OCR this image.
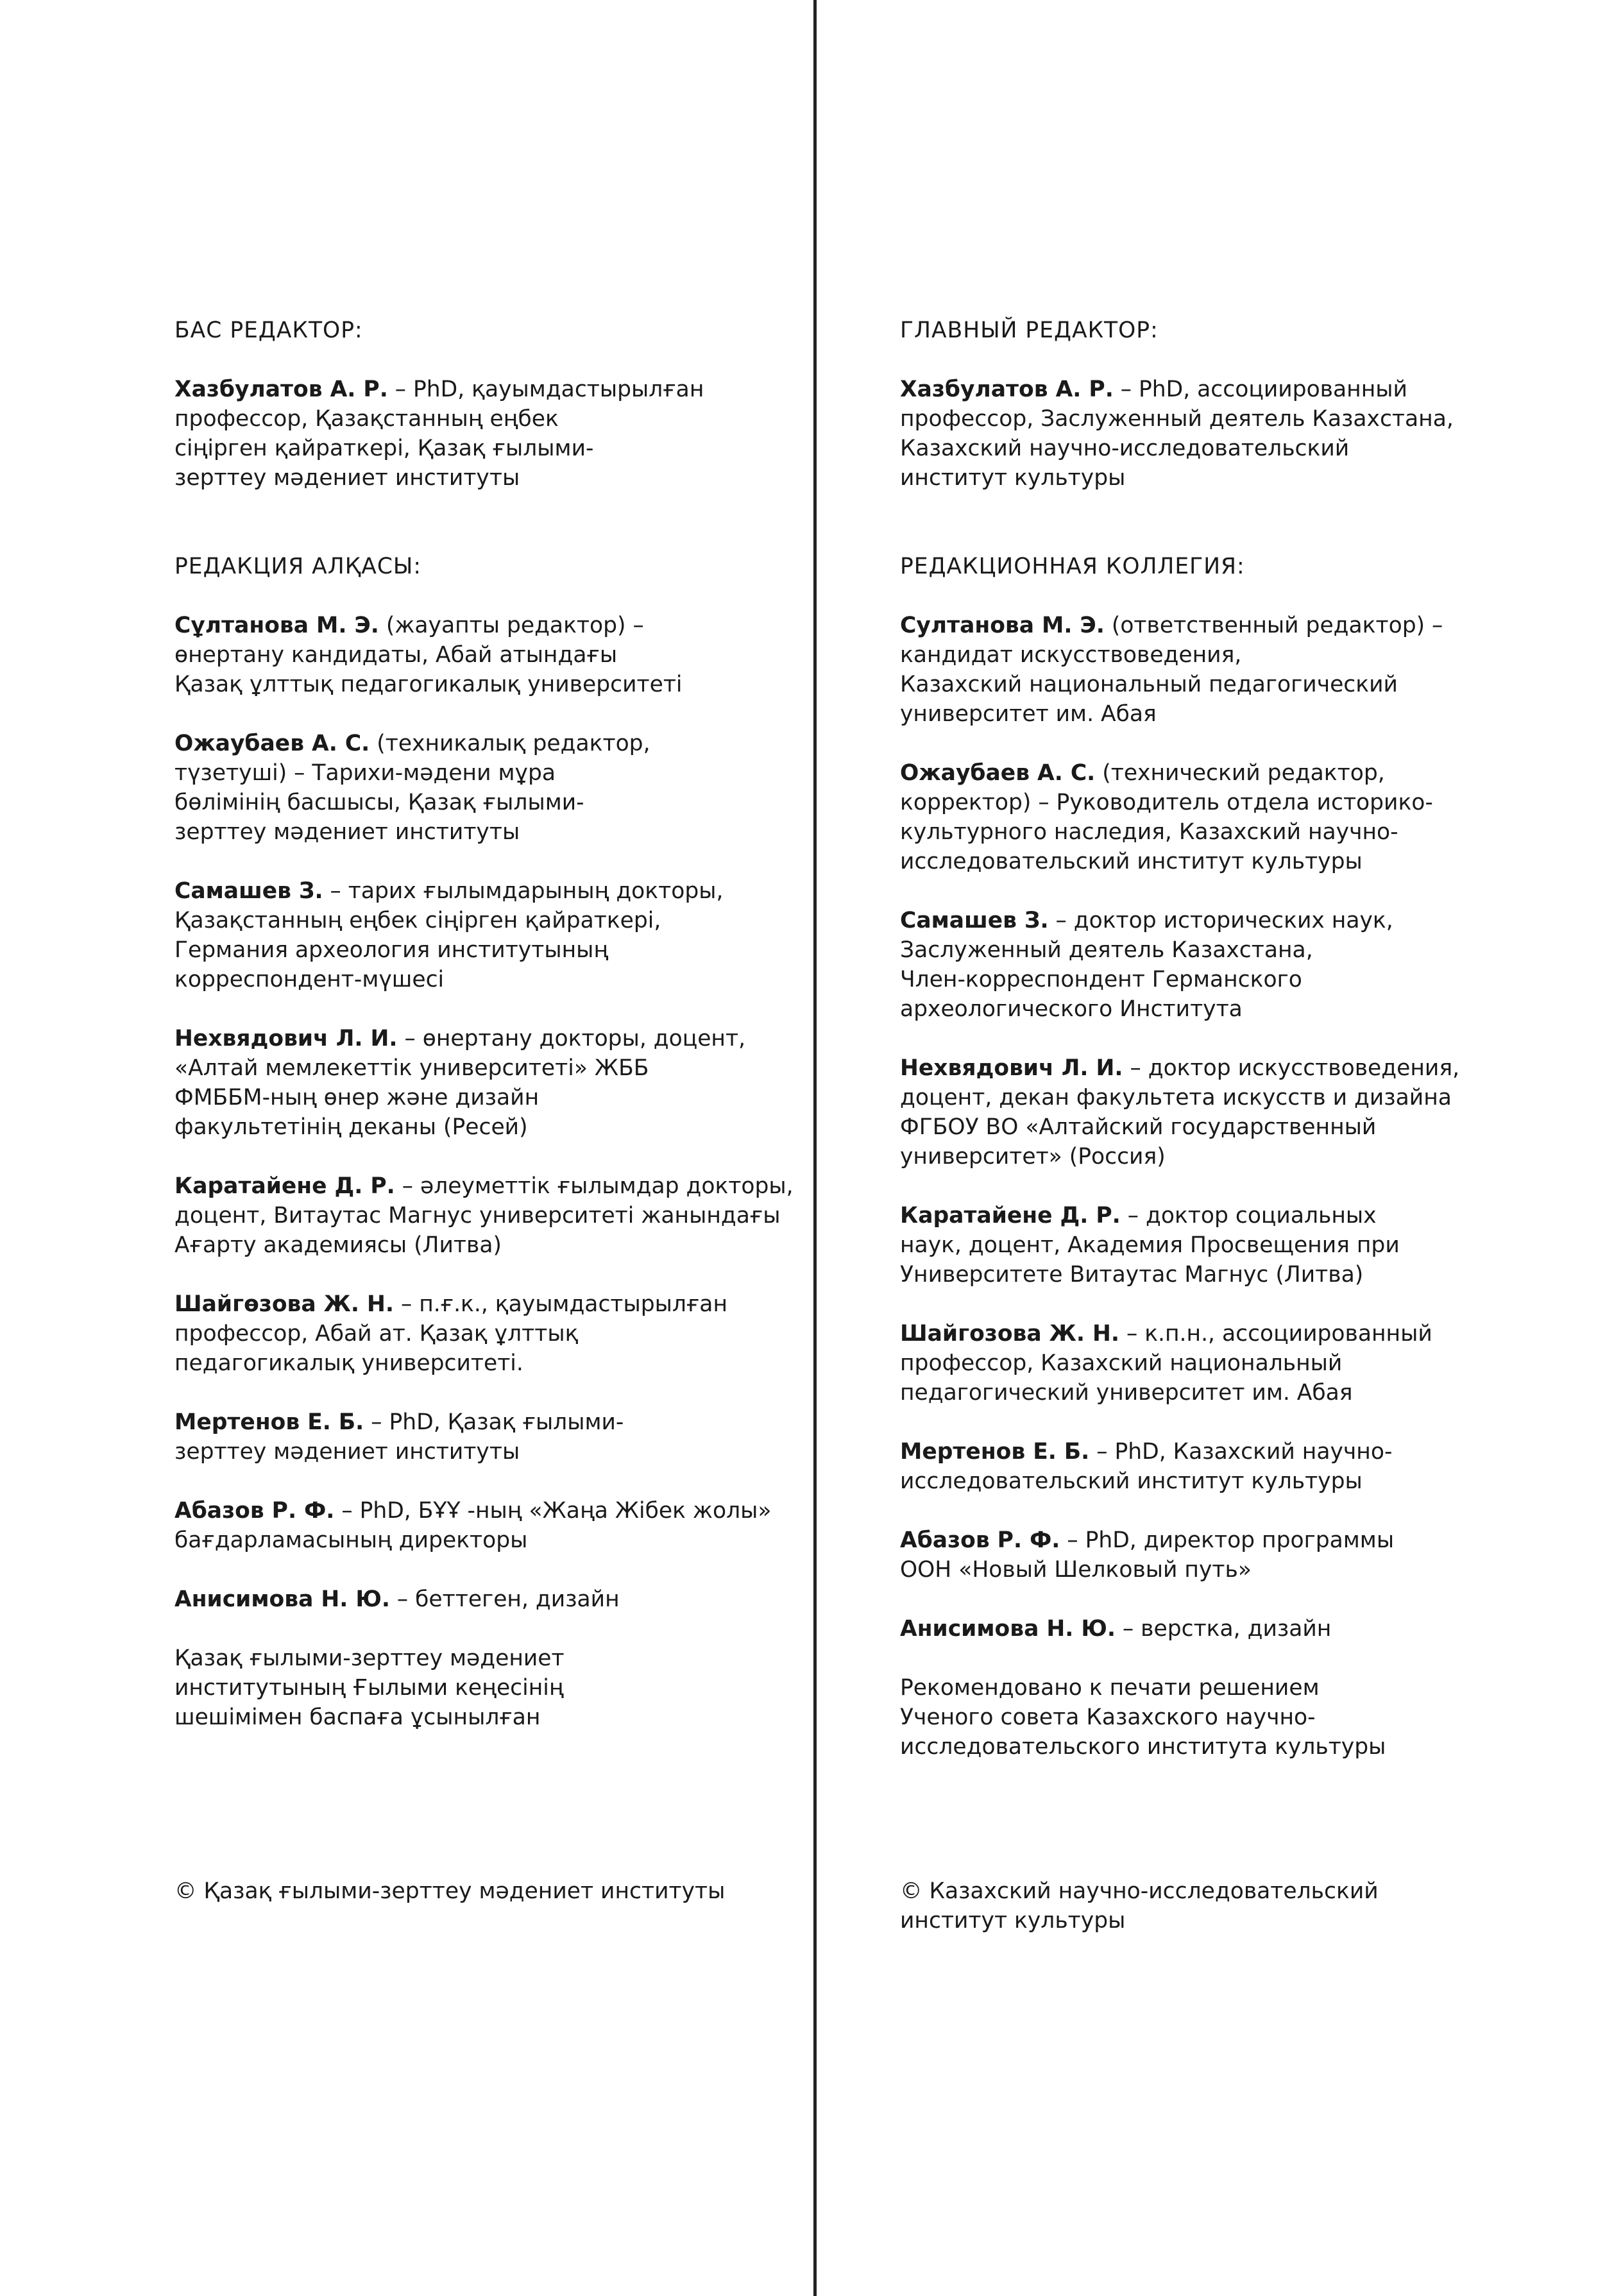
БАС РЕДАКТОР:

Хазбулатов А. Р. – PhD, қауымдастырылған
профессор, Қазақстанның еңбек
сіңірген қайраткері, Қазақ ғылыми-
зерттеу мәдениет институты

РЕДАКЦИЯ АЛҚАСЫ:

Сұлтанова М. Э. (жауапты редактор) –
өнертану кандидаты, Абай атындағы
Қазақ ұлттық педагогикалық университеті
Ожаубаев А. С. (техникалық редактор,
түзетуші) – Тарихи-мәдени мұра
бөлімінің басшысы, Қазақ ғылыми-
зерттеу мәдениет институты
Самашев З. – тарих ғылымдарының докторы,
Қазақстанның еңбек сіңірген қайраткері,
Германия археология институтының
корреспондент-мүшесі
Нехвядович Л. И. – өнертану докторы, доцент,
«Алтай мемлекеттік университеті» ЖББ
ФМББМ-ның өнер және дизайн
факультетінің деканы (Ресей)
Каратайене Д. Р. – әлеуметтік ғылымдар докторы,
доцент, Витаутас Магнус университеті жанындағы
Ағарту академиясы (Литва)
Шайгөзова Ж. Н. – п.ғ.к., қауымдастырылған
профессор, Абай ат. Қазақ ұлттық
педагогикалық университеті.
Мертенов Е. Б. – PhD, Қазақ ғылыми-
зерттеу мәдениет институты
Абазов Р. Ф. – PhD, БҰҰ -ның «Жаңа Жібек жолы»
бағдарламасының директоры
Анисимова Н. Ю. – беттеген, дизайн
Қазақ ғылыми-зерттеу мәдениет
институтының Ғылыми кеңесінің
шешімімен баспаға ұсынылған

ГЛАВНЫЙ РЕДАКТОР:

Хазбулатов А. Р. – PhD, ассоциированный
профессор, Заслуженный деятель Казахстана,
Казахский научно-исследовательский
институт культуры

РЕДАКЦИОННАЯ КОЛЛЕГИЯ:

Султанова М. Э. (ответственный редактор) –
кандидат искусствоведения,
Казахский национальный педагогический
университет им. Абая
Ожаубаев А. С. (технический редактор,
корректор) – Руководитель отдела историко-
культурного наследия, Казахский научно-
исследовательский институт культуры
Самашев З. – доктор исторических наук,
Заслуженный деятель Казахстана,
Член-корреспондент Германского
археологического Института
Нехвядович Л. И. – доктор искусствоведения,
доцент, декан факультета искусств и дизайна
ФГБОУ ВО «Алтайский государственный
университет» (Россия)
Каратайене Д. Р. – доктор социальных
наук, доцент, Академия Просвещения при
Университете Витаутас Магнус (Литва)
Шайгозова Ж. Н. – к.п.н., ассоциированный
профессор, Казахский национальный
педагогический университет им. Абая
Мертенов Е. Б. – PhD, Казахский научно-
исследовательский институт культуры
Абазов Р. Ф. – PhD, директор программы
ООН «Новый Шелковый путь»
Анисимова Н. Ю. – верстка, дизайн
Рекомендовано к печати решением
Ученого совета Казахского научно-
исследовательского института культуры
© Қазақ ғылыми-зерттеу мәдениет институты	© Казахский научно-исследовательский
институт культуры
